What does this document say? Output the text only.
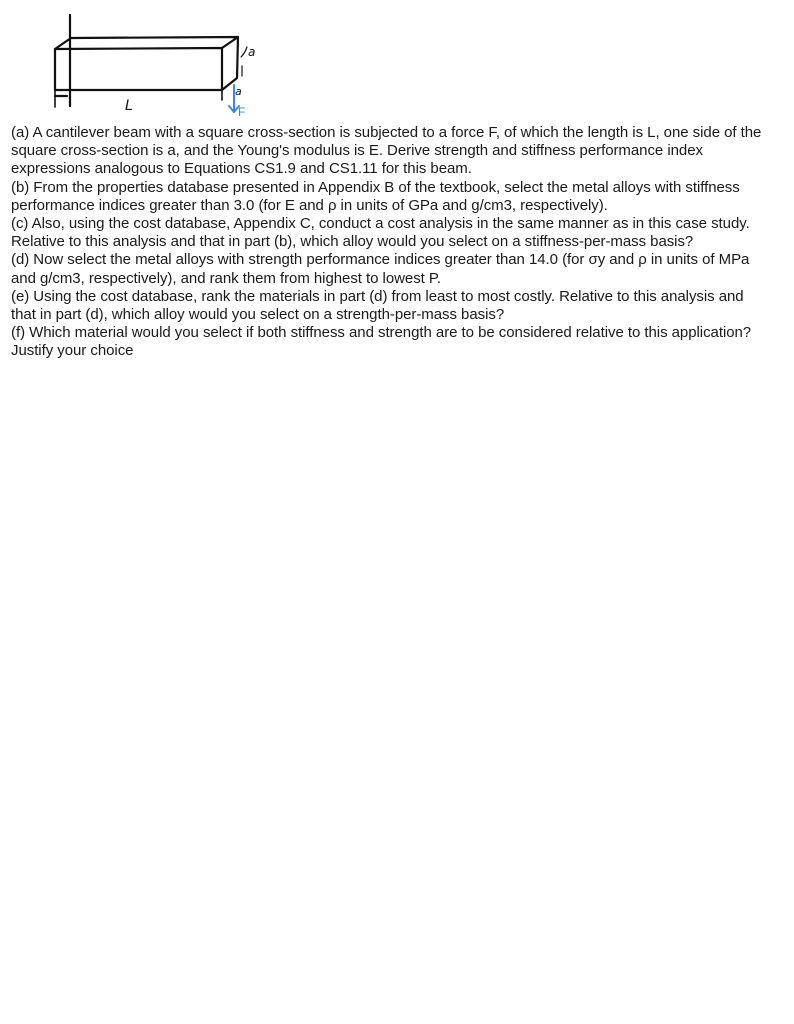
L
a
a
F

(a) A cantilever beam with a square cross-section is subjected to a force F, of which the length is L, one side of the square cross-section is a, and the Young's modulus is E. Derive strength and stiffness performance index expressions analogous to Equations CS1.9 and CS1.11 for this beam.

(b) From the properties database presented in Appendix B of the textbook, select the metal alloys with stiffness performance indices greater than 3.0 (for E and ρ in units of GPa and g/cm3, respectively).

(c) Also, using the cost database, Appendix C, conduct a cost analysis in the same manner as in this case study. Relative to this analysis and that in part (b), which alloy would you select on a stiffness-per-mass basis?

(d) Now select the metal alloys with strength performance indices greater than 14.0 (for σy and ρ in units of MPa and g/cm3, respectively), and rank them from highest to lowest P.

(e) Using the cost database, rank the materials in part (d) from least to most costly. Relative to this analysis and that in part (d), which alloy would you select on a strength-per-mass basis?

(f) Which material would you select if both stiffness and strength are to be considered relative to this application? Justify your choice
